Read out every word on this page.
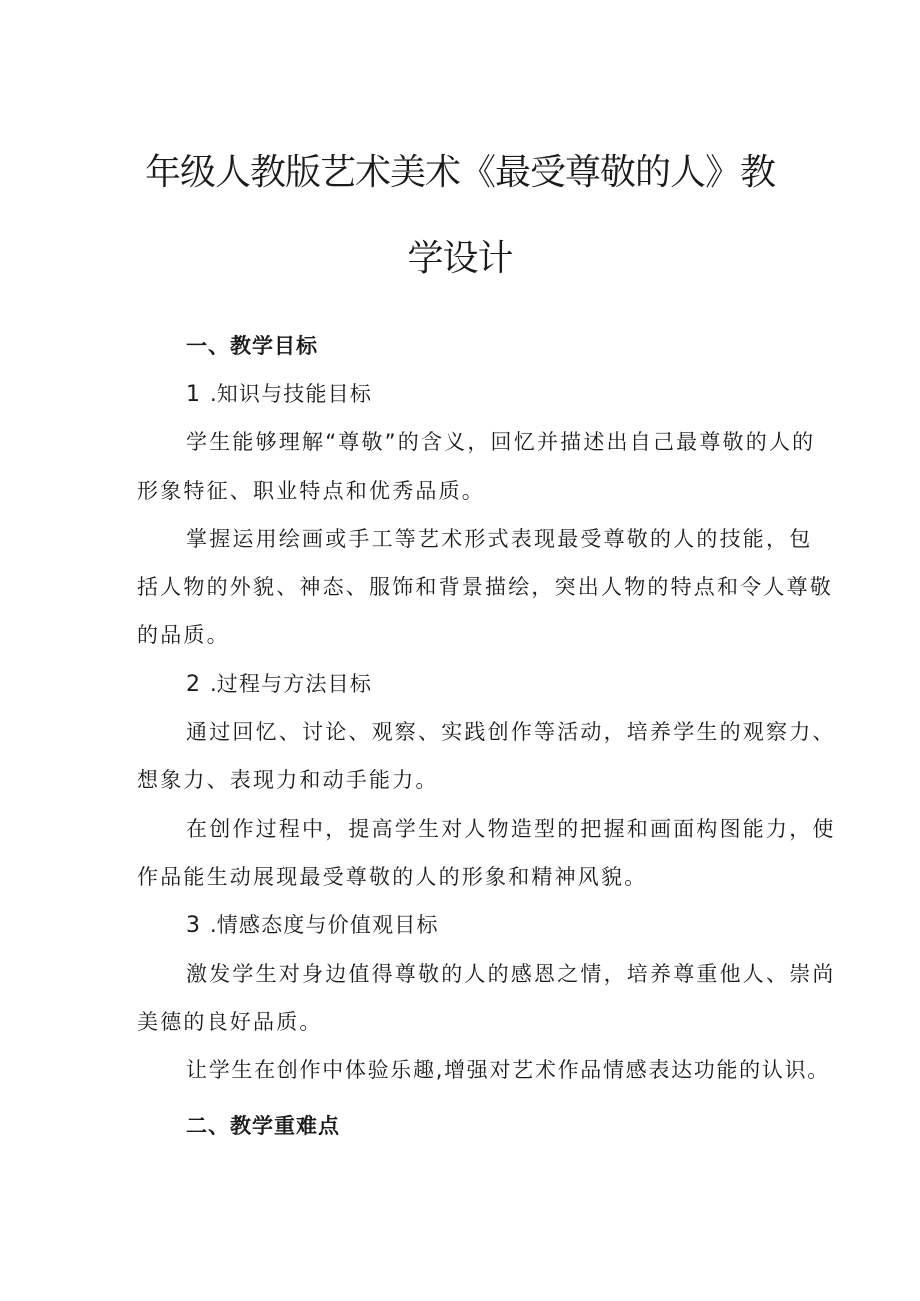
年级人教版艺术美术《最受尊敬的人》教
学设计

一、教学目标

1 .知识与技能目标

学生能够理解“尊敬”的含义，回忆并描述出自己最尊敬的人的

形象特征、职业特点和优秀品质。

掌握运用绘画或手工等艺术形式表现最受尊敬的人的技能，包

括人物的外貌、神态、服饰和背景描绘，突出人物的特点和令人尊敬

的品质。

2 .过程与方法目标

通过回忆、讨论、观察、实践创作等活动，培养学生的观察力、

想象力、表现力和动手能力。

在创作过程中，提高学生对人物造型的把握和画面构图能力，使

作品能生动展现最受尊敬的人的形象和精神风貌。

3 .情感态度与价值观目标

激发学生对身边值得尊敬的人的感恩之情，培养尊重他人、崇尚

美德的良好品质。

让学生在创作中体验乐趣,增强对艺术作品情感表达功能的认识。

二、教学重难点
